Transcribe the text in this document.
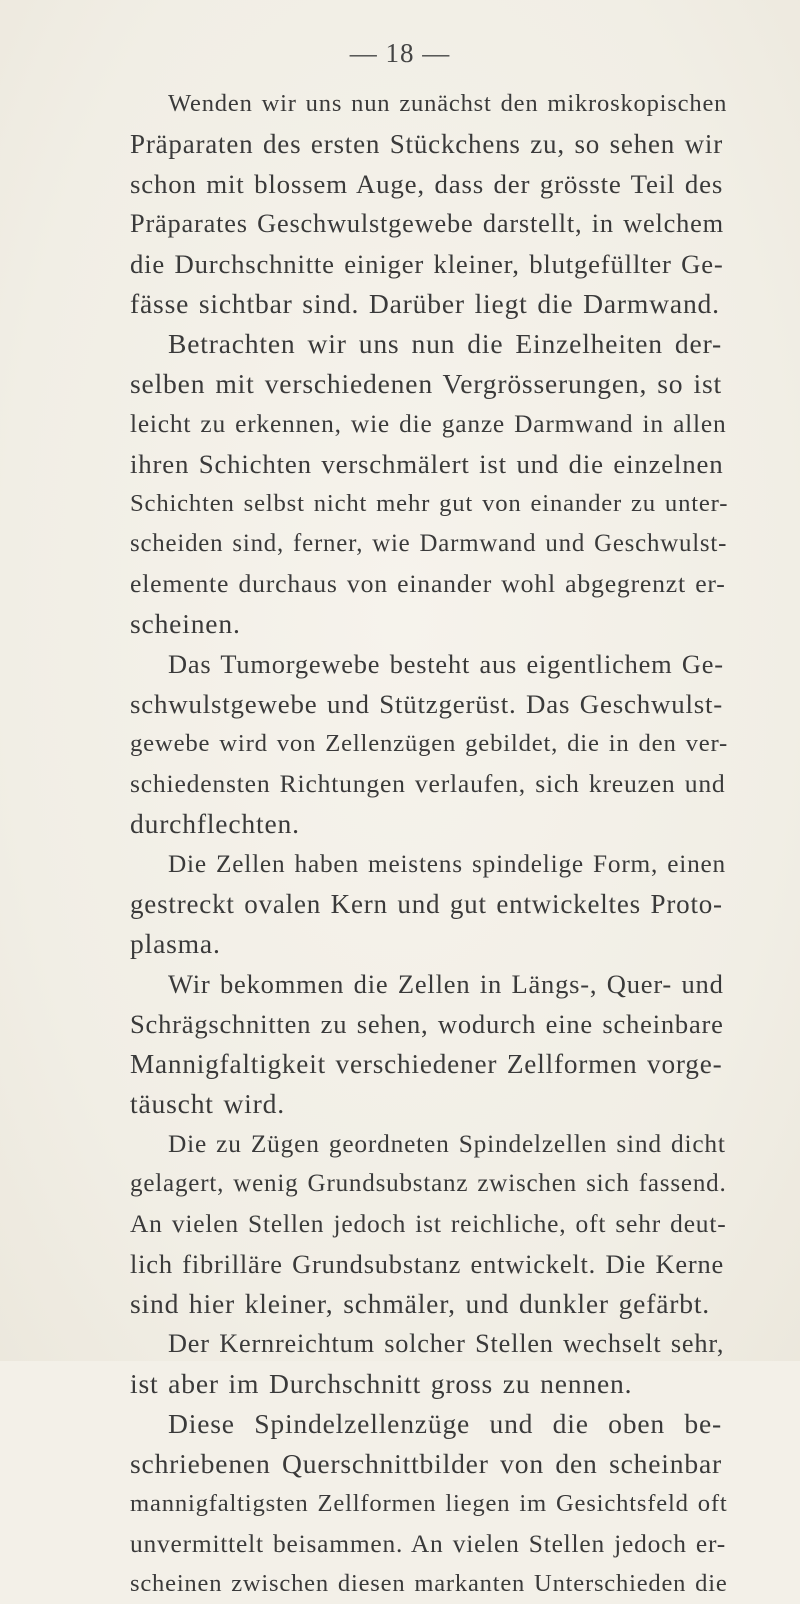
— 18 —
Wenden wir uns nun zunächst den mikroskopischen
Präparaten des ersten Stückchens zu, so sehen wir
schon mit blossem Auge, dass der grösste Teil des
Präparates Geschwulstgewebe darstellt, in welchem
die Durchschnitte einiger kleiner, blutgefüllter Ge-
fässe sichtbar sind. Darüber liegt die Darmwand.
Betrachten wir uns nun die Einzelheiten der-
selben mit verschiedenen Vergrösserungen, so ist
leicht zu erkennen, wie die ganze Darmwand in allen
ihren Schichten verschmälert ist und die einzelnen
Schichten selbst nicht mehr gut von einander zu unter-
scheiden sind, ferner, wie Darmwand und Geschwulst-
elemente durchaus von einander wohl abgegrenzt er-
scheinen.
Das Tumorgewebe besteht aus eigentlichem Ge-
schwulstgewebe und Stützgerüst. Das Geschwulst-
gewebe wird von Zellenzügen gebildet, die in den ver-
schiedensten Richtungen verlaufen, sich kreuzen und
durchflechten.
Die Zellen haben meistens spindelige Form, einen
gestreckt ovalen Kern und gut entwickeltes Proto-
plasma.
Wir bekommen die Zellen in Längs-, Quer- und
Schrägschnitten zu sehen, wodurch eine scheinbare
Mannigfaltigkeit verschiedener Zellformen vorge-
täuscht wird.
Die zu Zügen geordneten Spindelzellen sind dicht
gelagert, wenig Grundsubstanz zwischen sich fassend.
An vielen Stellen jedoch ist reichliche, oft sehr deut-
lich fibrilläre Grundsubstanz entwickelt. Die Kerne
sind hier kleiner, schmäler, und dunkler gefärbt.
Der Kernreichtum solcher Stellen wechselt sehr,
ist aber im Durchschnitt gross zu nennen.
Diese Spindelzellenzüge und die oben be-
schriebenen Querschnittbilder von den scheinbar
mannigfaltigsten Zellformen liegen im Gesichtsfeld oft
unvermittelt beisammen. An vielen Stellen jedoch er-
scheinen zwischen diesen markanten Unterschieden die
